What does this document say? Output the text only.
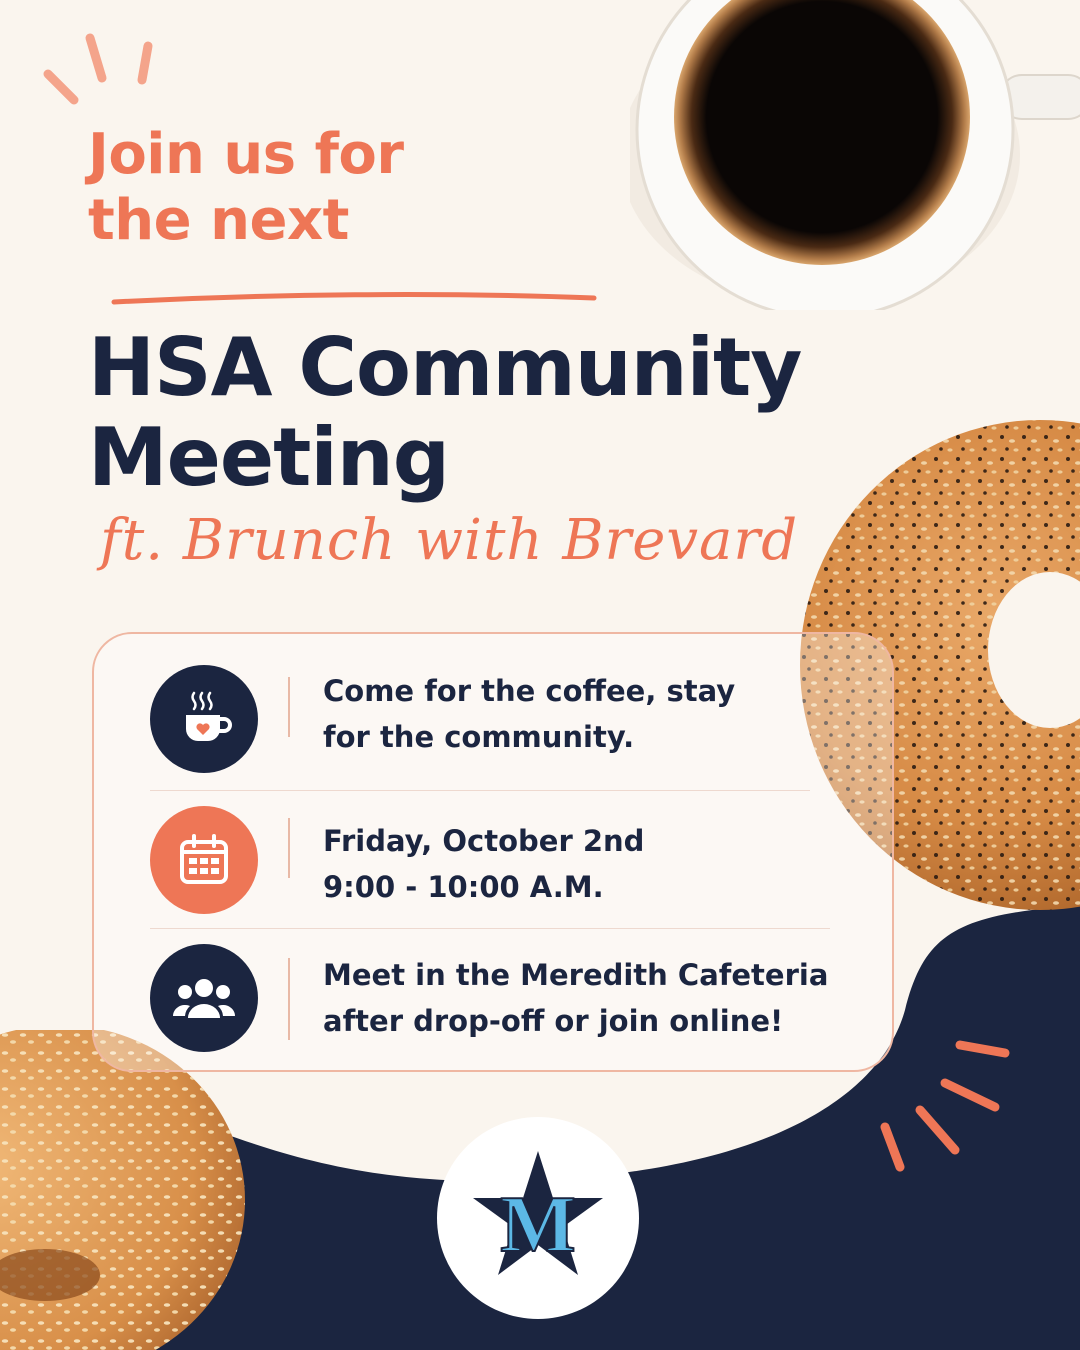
Join us for
the next
HSA Community
Meeting
ft. Brunch with Brevard
Come for the coffee, stay
for the community.
Friday, October 2nd
9:00 - 10:00 A.M.
Meet in the Meredith Cafeteria
after drop-off or join online!
M
